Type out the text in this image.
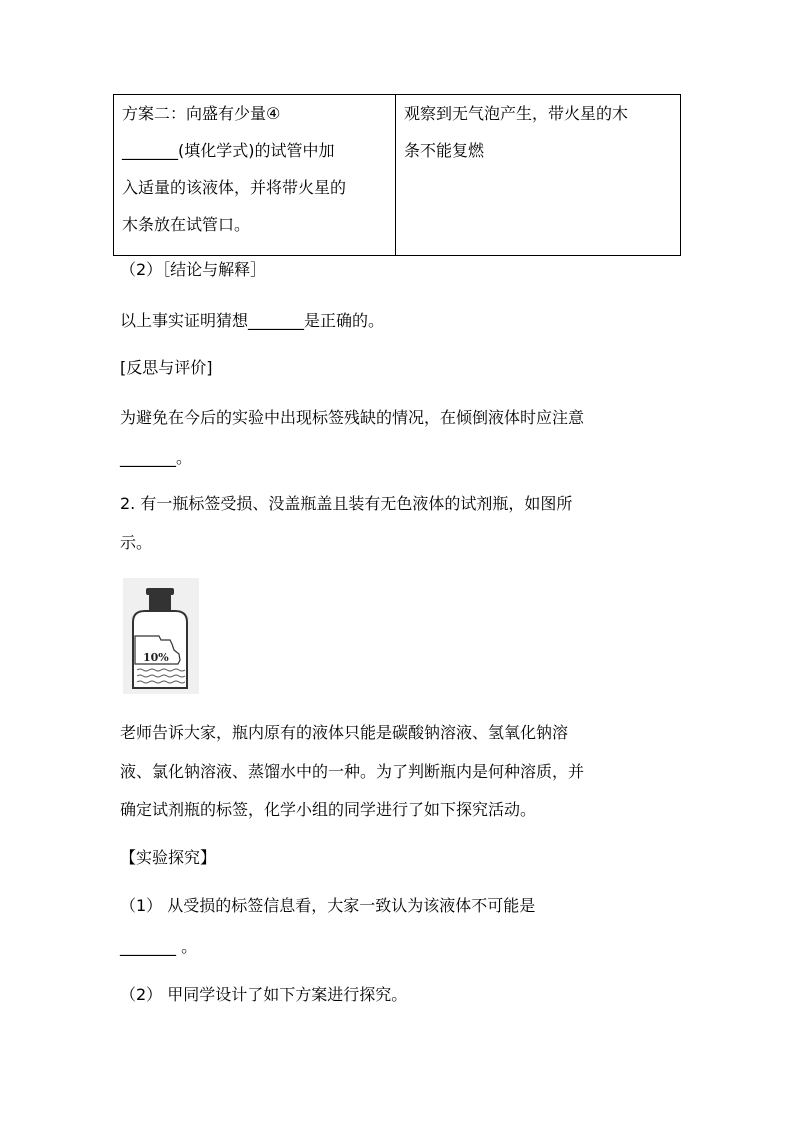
方案二：向盛有少量④
_______(填化学式)的试管中加
入适量的该液体，并将带火星的
木条放在试管口。

观察到无气泡产生，带火星的木
条不能复燃
（2）［结论与解释］
以上事实证明猜想_______是正确的。
[反思与评价]
为避免在今后的实验中出现标签残缺的情况，在倾倒液体时应注意
_______。
2. 有一瓶标签受损、没盖瓶盖且装有无色液体的试剂瓶，如图所
示。
10%
老师告诉大家，瓶内原有的液体只能是碳酸钠溶液、氢氧化钠溶
液、氯化钠溶液、蒸馏水中的一种。为了判断瓶内是何种溶质，并
确定试剂瓶的标签，化学小组的同学进行了如下探究活动。
【实验探究】
（1） 从受损的标签信息看，大家一致认为该液体不可能是
_______ 。
（2） 甲同学设计了如下方案进行探究。
